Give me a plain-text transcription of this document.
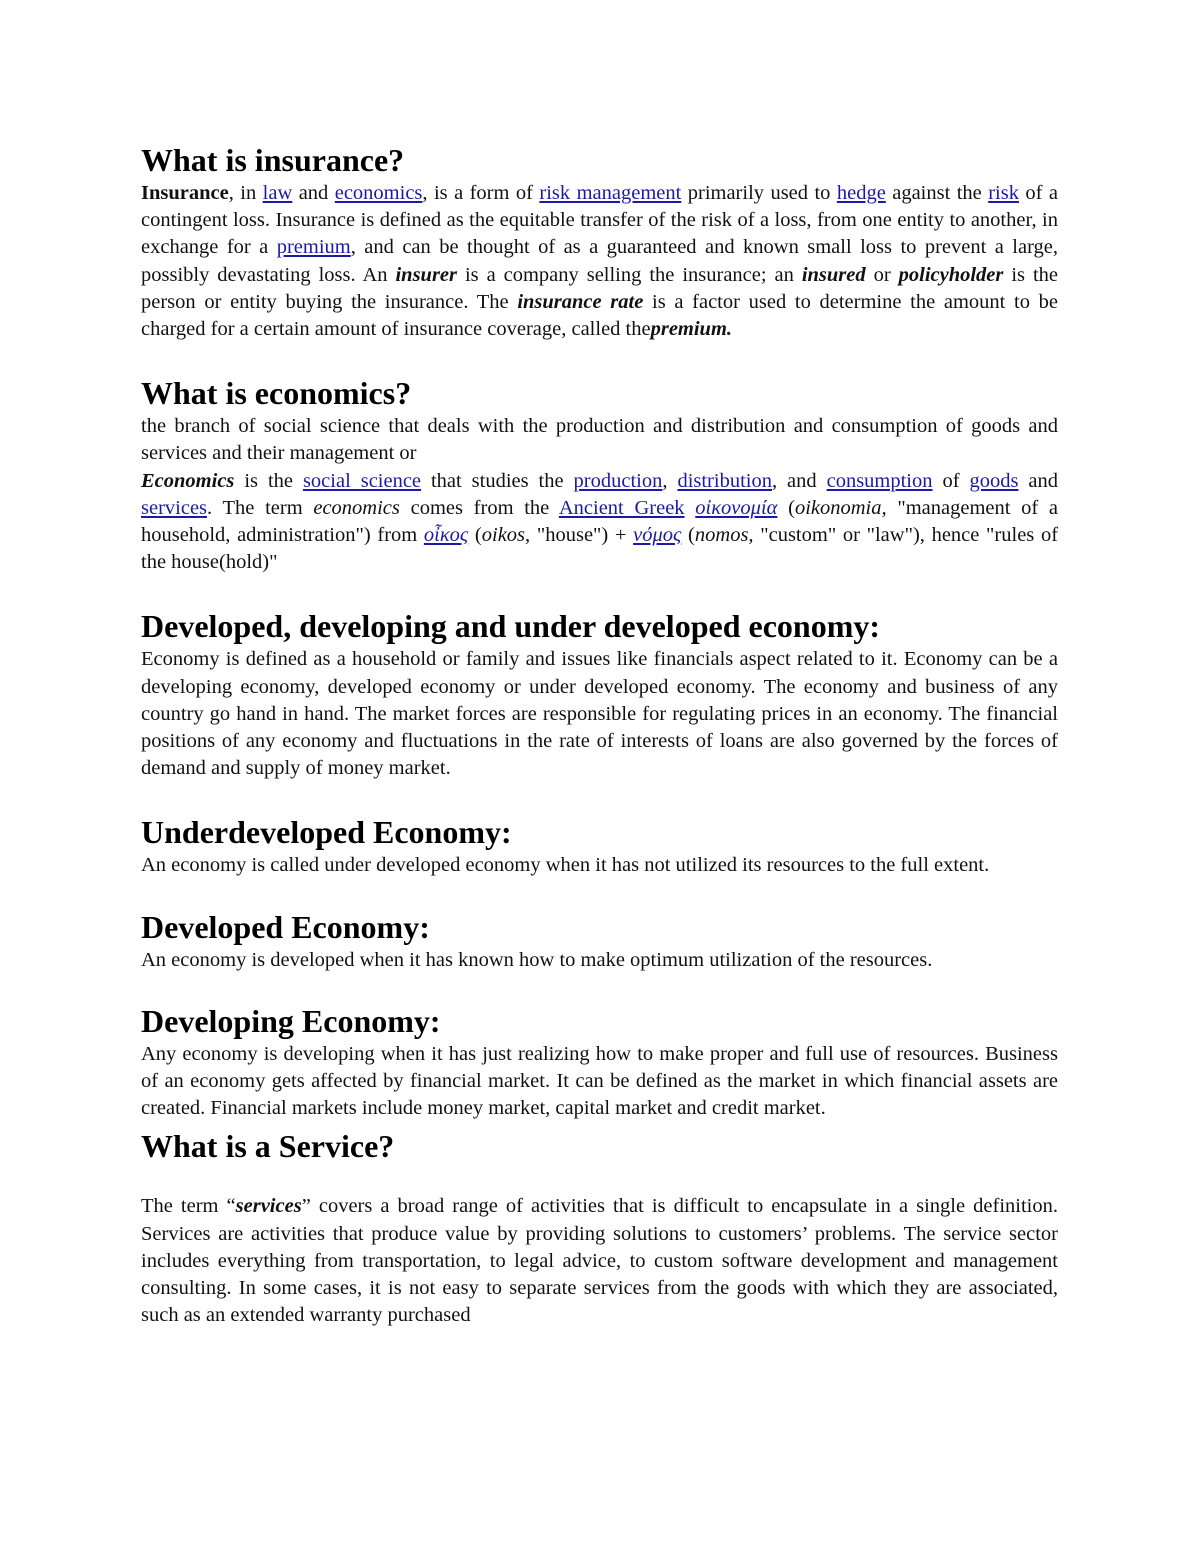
What is insurance?

Insurance, in law and economics, is a form of risk management primarily used to hedge against the risk of a contingent loss. Insurance is defined as the equitable transfer of the risk of a loss, from one entity to another, in exchange for a premium, and can be thought of as a guaranteed and known small loss to prevent a large, possibly devastating loss. An insurer is a company selling the insurance; an insured or policyholder is the person or entity buying the insurance. The insurance rate is a factor used to determine the amount to be charged for a certain amount of insurance coverage, called thepremium.

What is economics?

the branch of social science that deals with the production and distribution and consumption of goods and services and their management or

Economics is the social science that studies the production, distribution, and consumption of goods and services. The term economics comes from the Ancient Greek οἰκονομία (oikonomia, "management of a household, administration") from οἶκος (oikos, "house") + νόμος (nomos, "custom" or "law"), hence "rules of the house(hold)"

Developed, developing and under developed economy:

Economy is defined as a household or family and issues like financials aspect related to it. Economy can be a developing economy, developed economy or under developed economy. The economy and business of any country go hand in hand. The market forces are responsible for regulating prices in an economy. The financial positions of any economy and fluctuations in the rate of interests of loans are also governed by the forces of demand and supply of money market.

Underdeveloped Economy:

An economy is called under developed economy when it has not utilized its resources to the full extent.

Developed Economy:

An economy is developed when it has known how to make optimum utilization of the resources.

Developing Economy:

Any economy is developing when it has just realizing how to make proper and full use of resources. Business of an economy gets affected by financial market. It can be defined as the market in which financial assets are created. Financial markets include money market, capital market and credit market.

What is a Service?

The term “services” covers a broad range of activities that is difficult to encapsulate in a single definition. Services are activities that produce value by providing solutions to customers’ problems. The service sector includes everything from transportation, to legal advice, to custom software development and management consulting. In some cases, it is not easy to separate services from the goods with which they are associated, such as an extended warranty purchased
